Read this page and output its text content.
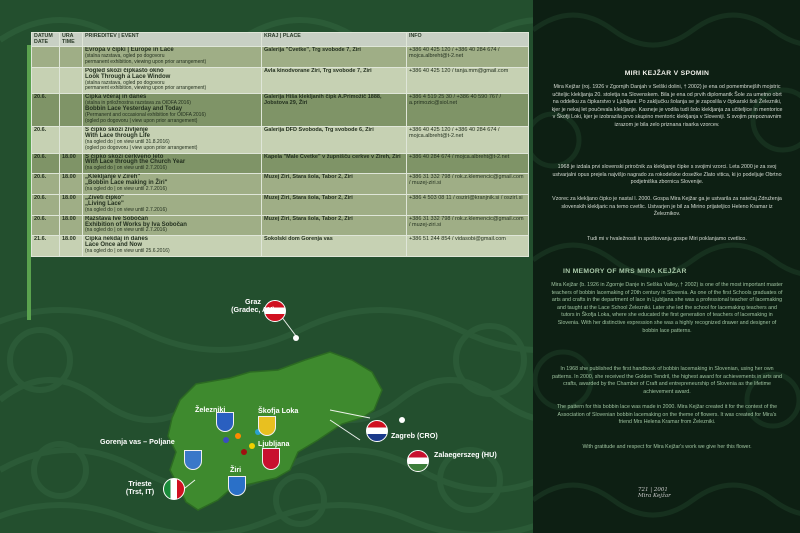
DATUM DATE	URA TIME	PRIREDITEV | EVENT	KRAJ | PLACE	INFO

		Evropa v čipki | Europe in Lace
(stalna razstava, ogled po dogovoru
permanent exhibition, viewing upon prior arrangement)	Galerija "Cvetke", Trg svobode 7, Žiri	+386 40 425 120 / +386 40 284 674 / mojca.albreht@t-2.net

		Pogled skozi čipkasto okno
Look Through a Lace Window
(stalna razstava, ogled po dogovoru
permanent exhibition, viewing upon prior arrangement)	Avla kinodvorane Žiri, Trg svobode 7, Žiri	+386 40 425 120 / tanja.mm@gmail.com
20.6.		Čipka včeraj in danes
(stalna in priložnostna razstava za OIDFA 2016)
Bobbin Lace Yesterday and Today
(Permanent and occasional exhibition for OIDFA 2016)
(ogled po dogovoru | view upon prior arrangement)	Galerija Hiša klekljanih čipk A.Primožič 1888, Jobstova 29, Žiri	+386 4 519 25 30 / +386 40 590 767 / a.primozic@siol.net
20.6.		S čipko skozi življenje
With Lace through Life
(na ogled do | on view until 31.8.2016)
(ogled po dogovoru | view upon prior arrangement)	Galerija DFD Svoboda, Trg svobode 6, Žiri	+386 40 425 120 / +386 40 284 674 / mojca.albreht@t-2.net
20.6.	18.00	S čipko skozi cerkveno leto
With Lace through the Church Year
(na ogled do | on view until 2.7.2016)	Kapela "Male Cvetke" v župnišču cerkve v Žireh, Žiri	+386 40 284 674 / mojca.albreht@t-2.net
20.6.	18.00	„Klekljanje v Žireh"
„Bobbin Lace making in Žiri"
(na ogled do | on view until 2.7.2016)	Muzej Žiri, Stara šola, Tabor 2, Žiri	+386 31 332 798 / rok.z.klemencic@gmail.com / muzej-ziri.si
20.6.	18.00	„Živeti čipko"
„Living Lace"
(na ogled do | on view until 2.7.2016)	Muzej Žiri, Stara šola, Tabor 2, Žiri	+386 4 503 08 11 / oszirí@kranjnik.si / oszirí.si
20.6.	18.00	Razstava Ive Sobočan
Exhibition of Works by Iva Sobočan
(na ogled do | on view until 2.7.2016)	Muzej Žiri, Stara šola, Tabor 2, Žiri	+386 31 332 798 / rok.z.klemencic@gmail.com / muzej-ziri.si
21.6.	18.00	Čipka nekdaj in danes
Lace Once and Now
(na ogled do | on view until 25.6.2016)	Sokolski dom Gorenja vas	+386 51 244 854 / vidasobi@gmail.com
Graz
(Gradec, AU)
Zalaegerszeg (HU)
Železniki	Škofja Loka
Gorenja vas – Poljane	Ljubljana
Žiri
Zagreb (CRO)
Trieste
(Trst, IT)
MIRI KEJŽAR V SPOMIN
Mira Kejžar (roj. 1926 v Zgornjih Danjah v Selški dolini, † 2002) je ena od pomembnejših mojstric učiteljic klekljanja 20. stoletja na Slovenskem. Bila je ena od prvih diplomantk Šole za umetno obrt na oddelku za čipkarstvo v Ljubljani. Po zaključku šolanja se je zaposlila v čipkarski šoli Železniki, kjer je nekaj let poučevala klekljanje. Kasneje je vodila tudi šolo klekljanja za učiteljice in mentorice v Škofji Loki, kjer je izobrazila prvo skupino mentoric klekljanja v Sloveniji. S svojim prepoznavnim izrazom je bila zelo priznana risarka vzorcev.
1968 je izdala prvi slovenski priročnik za klekljanje čipke s svojimi vzorci. Leta 2000 je za svoj ustvarjalni opus prejela najvišjo nagrado za rokodelske dosežke Zlato vitica, ki jo podeljuje Obrtno podjetniška zbornica Slovenije.
Vzorec za klekljano čipko je nastal l. 2000. Gospa Mira Kejžar ga je ustvarila za natečaj Združenja slovenskih klekljaric na temo cvetlic. Ustvarjen je bil za Mirino prijateljico Heleno Kramar iz Železnikov.
Tudi mi v hvaležnosti in spoštovanju gospe Miri poklanjamo cvetlico.
IN MEMORY OF MRS MIRA KEJŽAR
Mira Kejžar (b. 1926 in Zgornje Danje in Selška Valley, † 2002) is one of the most important master teachers of bobbin lacemaking of 20th century in Slovenia. As one of the first Schools graduates of arts and crafts in the department of lace in Ljubljana she was a professional teacher of lacemaking and taught at the Lace School Železniki. Later she led the school for lacemaking teachers and tutors in Škofja Loka, where she educated the first generation of teachers of lacemaking in Slovenia. With her distinctive expression she was a highly recognized drawer and designer of bobbin lace patterns.
In 1968 she published the first handbook of bobbin lacemaking in Slovenian, using her own patterns. In 2000, she received the Golden Tendril, the highest award for achievements in arts and crafts, awarded by the Chamber of Craft and entrepreneurship of Slovenia as the lifetime achievement award.
The pattern for this bobbin lace was made in 2000. Mira Kejžar created it for the contest of the Association of Slovenian bobbin lacemaking on the theme of flowers. It was created for Mira's friend Mrs Helena Kramar from Železniki.
With gratitude and respect for Mira Kejžar's work we give her this flower.
721 | 2001
Mira Kejžar
